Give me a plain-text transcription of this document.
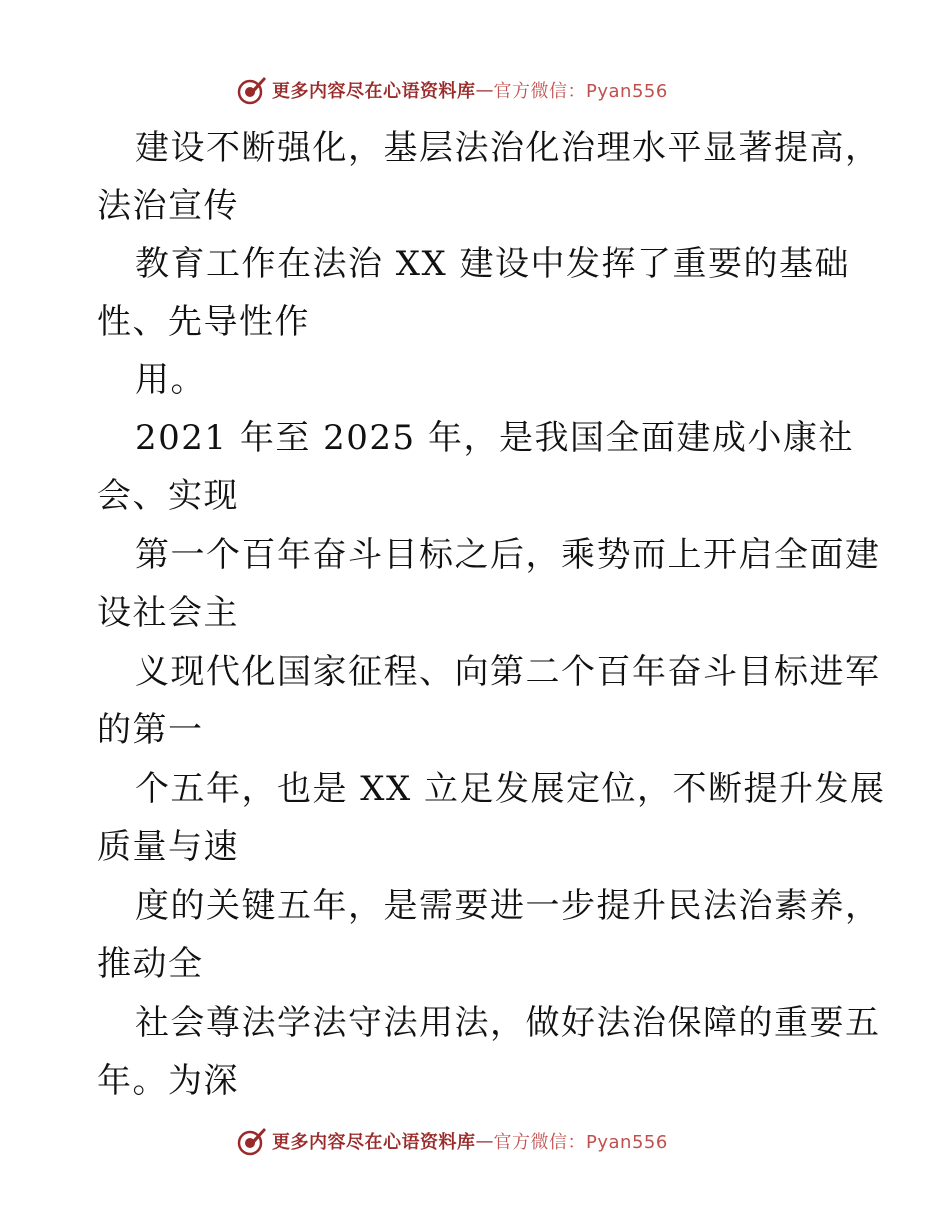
更多内容尽在心语资料库 — 官方微信：Pyan556
建设不断强化，基层法治化治理水平显著提高，
法治宣传
教育工作在法治 XX 建设中发挥了重要的基础
性、先导性作
用。
2021 年至 2025 年，是我国全面建成小康社
会、实现
第一个百年奋斗目标之后，乘势而上开启全面建
设社会主
义现代化国家征程、向第二个百年奋斗目标进军
的第一
个五年，也是 XX 立足发展定位，不断提升发展
质量与速
度的关键五年，是需要进一步提升民法治素养，
推动全
社会尊法学法守法用法，做好法治保障的重要五
年。为深
更多内容尽在心语资料库 — 官方微信：Pyan556
